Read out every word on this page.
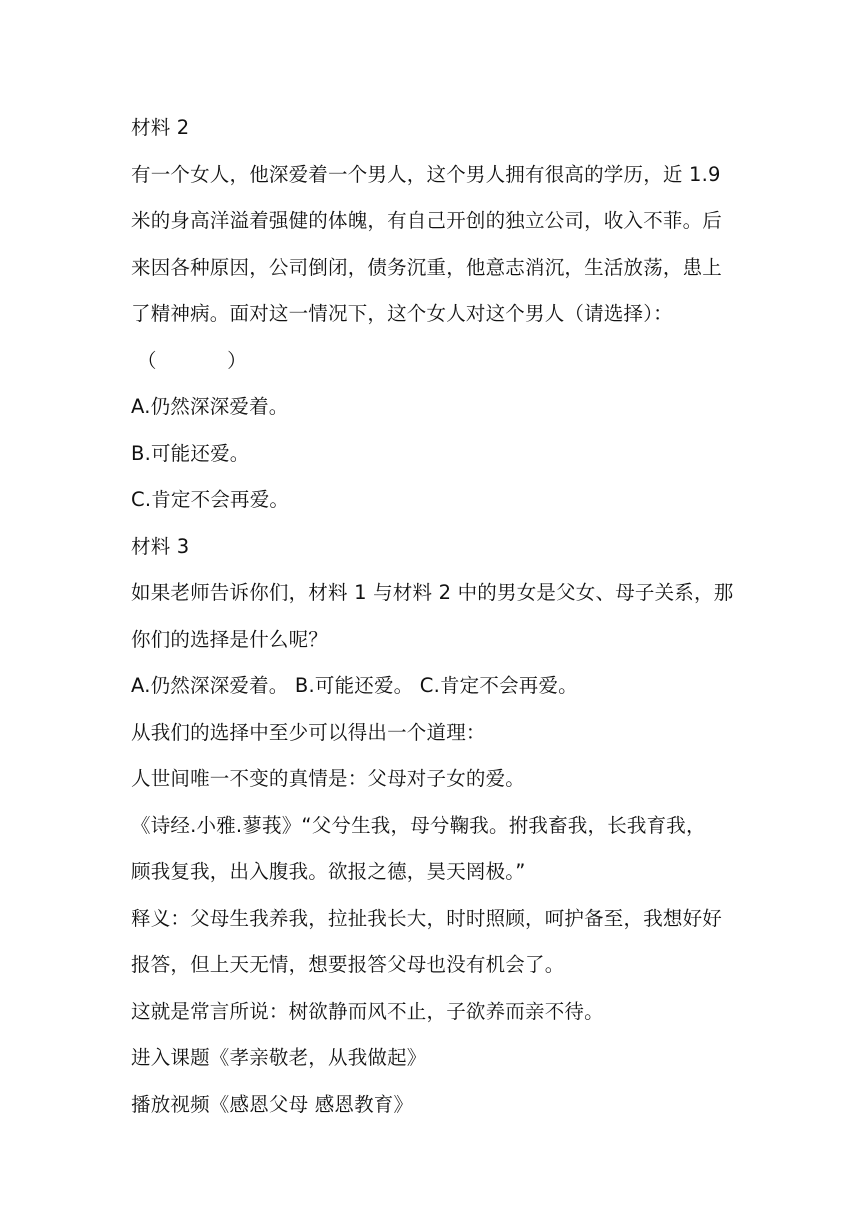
材料 2
有一个女人，他深爱着一个男人，这个男人拥有很高的学历，近 1.9
米的身高洋溢着强健的体魄，有自己开创的独立公司，收入不菲。后
来因各种原因，公司倒闭，债务沉重，他意志消沉，生活放荡，患上
了精神病。面对这一情况下，这个女人对这个男人（请选择）：
（           ）
A.仍然深深爱着。
B.可能还爱。
C.肯定不会再爱。
材料 3
如果老师告诉你们，材料 1 与材料 2 中的男女是父女、母子关系，那
你们的选择是什么呢？
A.仍然深深爱着。 B.可能还爱。 C.肯定不会再爱。
从我们的选择中至少可以得出一个道理：
人世间唯一不变的真情是：父母对子女的爱。
《诗经.小雅.蓼莪》“父兮生我，母兮鞠我。拊我畜我，长我育我，
顾我复我，出入腹我。欲报之德，昊天罔极。”
释义：父母生我养我，拉扯我长大，时时照顾，呵护备至，我想好好
报答，但上天无情，想要报答父母也没有机会了。
这就是常言所说：树欲静而风不止，子欲养而亲不待。
进入课题《孝亲敬老，从我做起》
播放视频《感恩父母 感恩教育》
